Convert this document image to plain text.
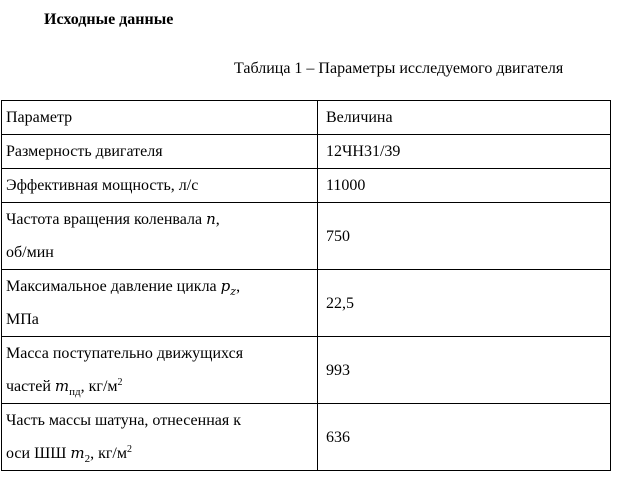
Исходные данные
Таблица 1 – Параметры исследуемого двигателя
Параметр	Величина
Размерность двигателя	12ЧН31/39
Эффективная мощность, л/с	11000
Частота вращения коленвала n,
об/мин	750
Максимальное давление цикла $p_z$,
МПа	22,5
Масса поступательно движущихся
частей $m_{пд}$, $кг/м^2$	993
Часть массы шатуна, отнесенная к
оси ШШ $m_2$, $кг/м^2$	636
